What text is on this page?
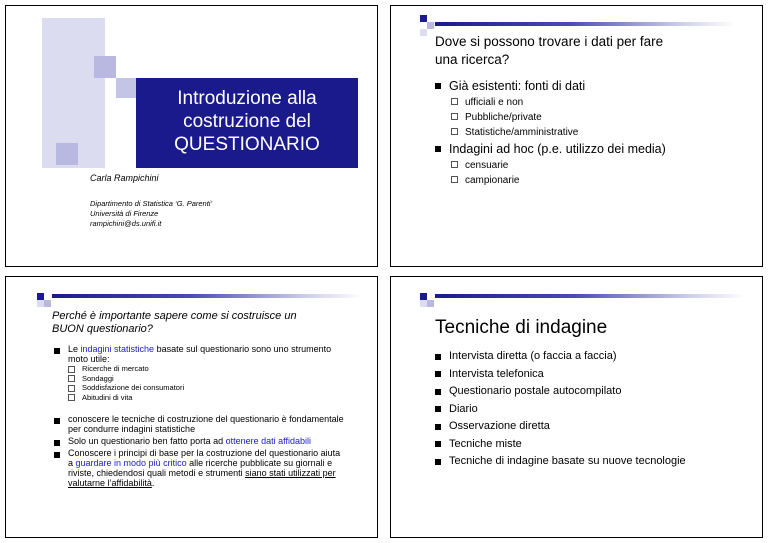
Introduzione alla
costruzione del
QUESTIONARIO
Carla Rampichini
Dipartimento di Statistica ‘G. Parenti’
Università di Firenze
rampichini@ds.unifi.it
Dove si possono trovare i dati per fare
una ricerca?
Già esistenti: fonti di dati
ufficiali e non
Pubbliche/private
Statistiche/amministrative
Indagini ad hoc (p.e. utilizzo dei media)
censuarie
campionarie
Perché è importante sapere come si costruisce un
BUON questionario?
Le indagini statistiche basate sul questionario sono uno strumento moto utile:
Ricerche di mercato
Sondaggi
Soddisfazione dei consumatori
Abitudini di vita
conoscere le tecniche di costruzione del questionario è fondamentale per condurre indagini statistiche
Solo un questionario ben fatto porta ad ottenere dati affidabili
Conoscere i principi di base per la costruzione del questionario aiuta a guardare in modo più critico alle ricerche pubblicate su giornali e riviste, chiedendosi quali metodi e strumenti siano stati utilizzati per valutarne l’affidabilità.
Tecniche di indagine
Intervista diretta (o faccia a faccia)
Intervista telefonica
Questionario postale autocompilato
Diario
Osservazione diretta
Tecniche miste
Tecniche di indagine basate su nuove tecnologie
